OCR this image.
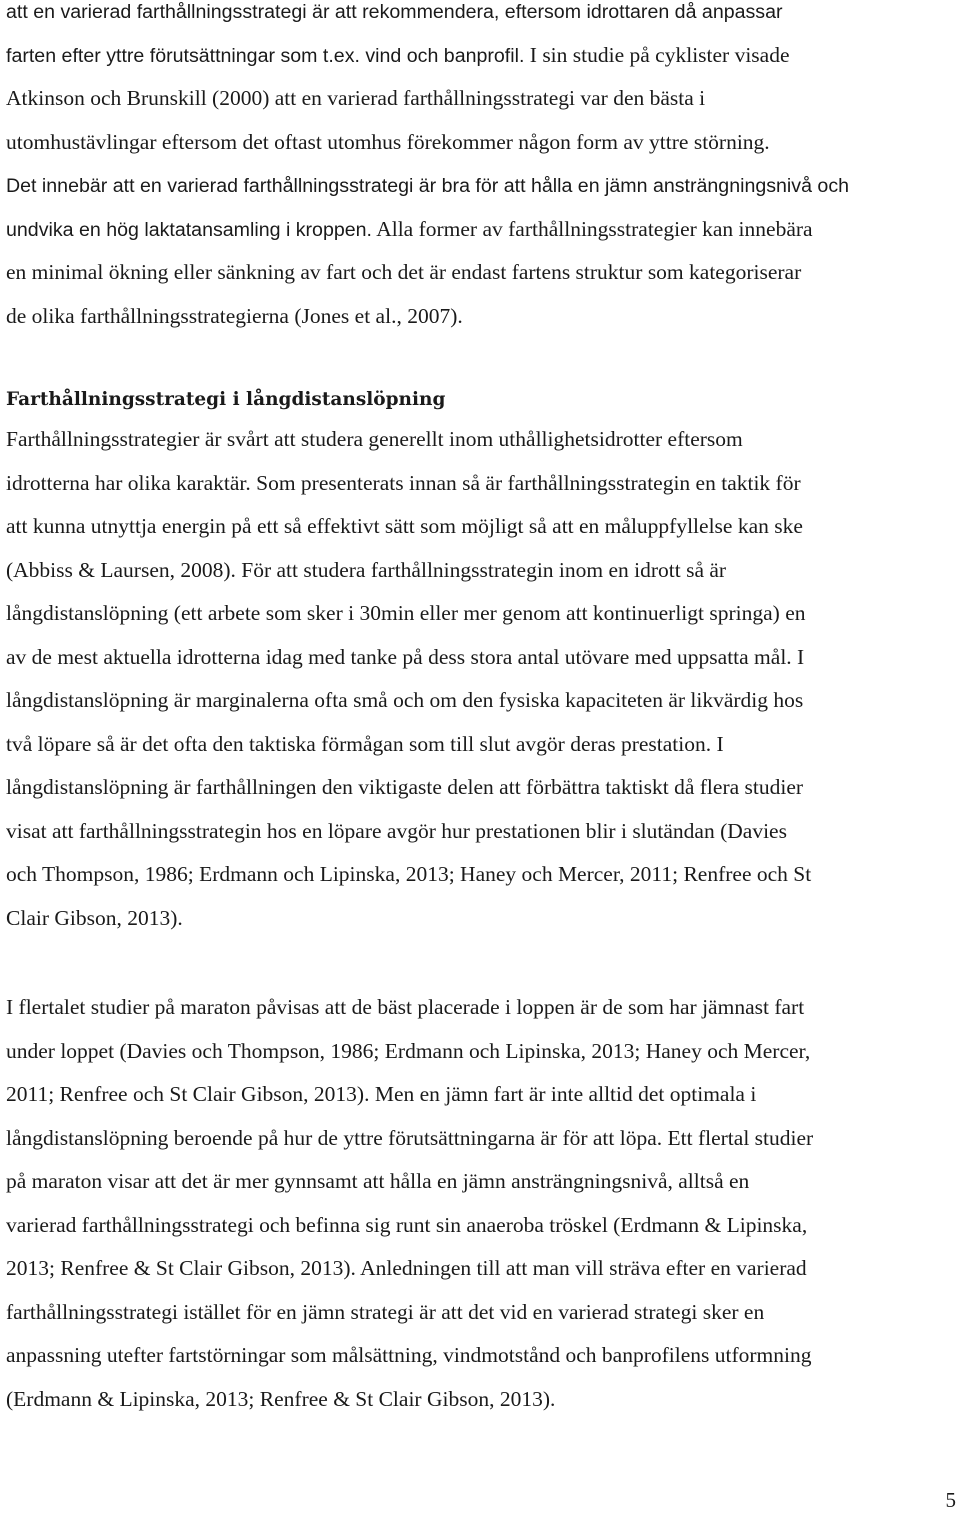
att en varierad farthållningsstrategi är att rekommendera, eftersom idrottaren då anpassar
farten efter yttre förutsättningar som t.ex. vind och banprofil. I sin studie på cyklister visade
Atkinson och Brunskill (2000) att en varierad farthållningsstrategi var den bästa i
utomhustävlingar eftersom det oftast utomhus förekommer någon form av yttre störning.
Det innebär att en varierad farthållningsstrategi är bra för att hålla en jämn ansträngningsnivå och
undvika en hög laktatansamling i kroppen. Alla former av farthållningsstrategier kan innebära
en minimal ökning eller sänkning av fart och det är endast fartens struktur som kategoriserar
de olika farthållningsstrategierna (Jones et al., 2007).
Farthållningsstrategi i långdistanslöpning
Farthållningsstrategier är svårt att studera generellt inom uthållighetsidrotter eftersom
idrotterna har olika karaktär. Som presenterats innan så är farthållningsstrategin en taktik för
att kunna utnyttja energin på ett så effektivt sätt som möjligt så att en måluppfyllelse kan ske
(Abbiss & Laursen, 2008). För att studera farthållningsstrategin inom en idrott så är
långdistanslöpning (ett arbete som sker i 30min eller mer genom att kontinuerligt springa) en
av de mest aktuella idrotterna idag med tanke på dess stora antal utövare med uppsatta mål. I
långdistanslöpning är marginalerna ofta små och om den fysiska kapaciteten är likvärdig hos
två löpare så är det ofta den taktiska förmågan som till slut avgör deras prestation. I
långdistanslöpning är farthållningen den viktigaste delen att förbättra taktiskt då flera studier
visat att farthållningsstrategin hos en löpare avgör hur prestationen blir i slutändan (Davies
och Thompson, 1986; Erdmann och Lipinska, 2013; Haney och Mercer, 2011; Renfree och St
Clair Gibson, 2013).
I flertalet studier på maraton påvisas att de bäst placerade i loppen är de som har jämnast fart
under loppet (Davies och Thompson, 1986; Erdmann och Lipinska, 2013; Haney och Mercer,
2011; Renfree och St Clair Gibson, 2013). Men en jämn fart är inte alltid det optimala i
långdistanslöpning beroende på hur de yttre förutsättningarna är för att löpa. Ett flertal studier
på maraton visar att det är mer gynnsamt att hålla en jämn ansträngningsnivå, alltså en
varierad farthållningsstrategi och befinna sig runt sin anaeroba tröskel (Erdmann & Lipinska,
2013; Renfree & St Clair Gibson, 2013). Anledningen till att man vill sträva efter en varierad
farthållningsstrategi istället för en jämn strategi är att det vid en varierad strategi sker en
anpassning utefter fartstörningar som målsättning, vindmotstånd och banprofilens utformning
(Erdmann & Lipinska, 2013; Renfree & St Clair Gibson, 2013).
5
